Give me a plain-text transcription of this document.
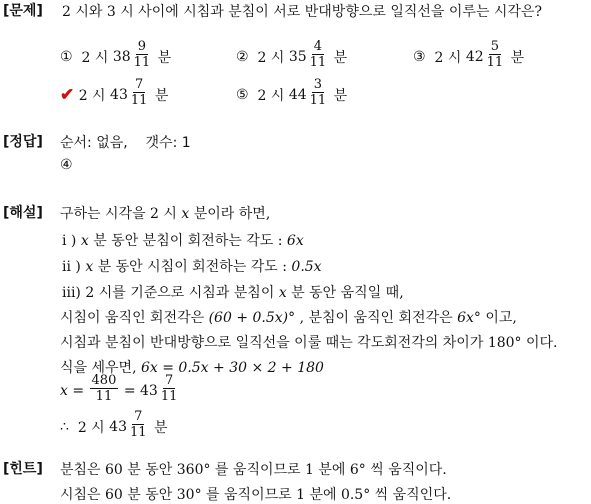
[문제] 2 시와 3 시 사이에 시침과 분침이 서로 반대방향으로 일직선을 이루는 시각은?
①
2 시
$38 \frac{9}{11}$
분	②
2 시
$35 \frac{4}{11}$
분	③
2 시
$42 \frac{5}{11}$
분
✔
2 시
$43 \frac{7}{11}$
분	⑤
2 시
$44 \frac{3}{11}$
분
[정답] 순서: 없음, 갯수: 1
④
[해설] 구하는 시각을 2 시 x 분이라 하면,
i ) x 분 동안 분침이 회전하는 각도 : 6x
ii ) x 분 동안 시침이 회전하는 각도 : 0.5x
iii) 2 시를 기준으로 시침과 분침이 x 분 동안 움직일 때,
시침이 움직인 회전각은 (60 + 0.5x)° , 분침이 움직인 회전각은 6x° 이고,
시침과 분침이 반대방향으로 일직선을 이룰 때는 각도회전각의 차이가 180° 이다.
식을 세우면, 6x = 0.5x + 30 × 2 + 180
x =
$\frac{480}{11}$
= $43 \frac{7}{11}$
∴
2 시
$43 \frac{7}{11}$
분
[힌트] 분침은 60 분 동안 360° 를 움직이므로 1 분에 6° 씩 움직이다.
시침은 60 분 동안 30° 를 움직이므로 1 분에 0.5° 씩 움직인다.
